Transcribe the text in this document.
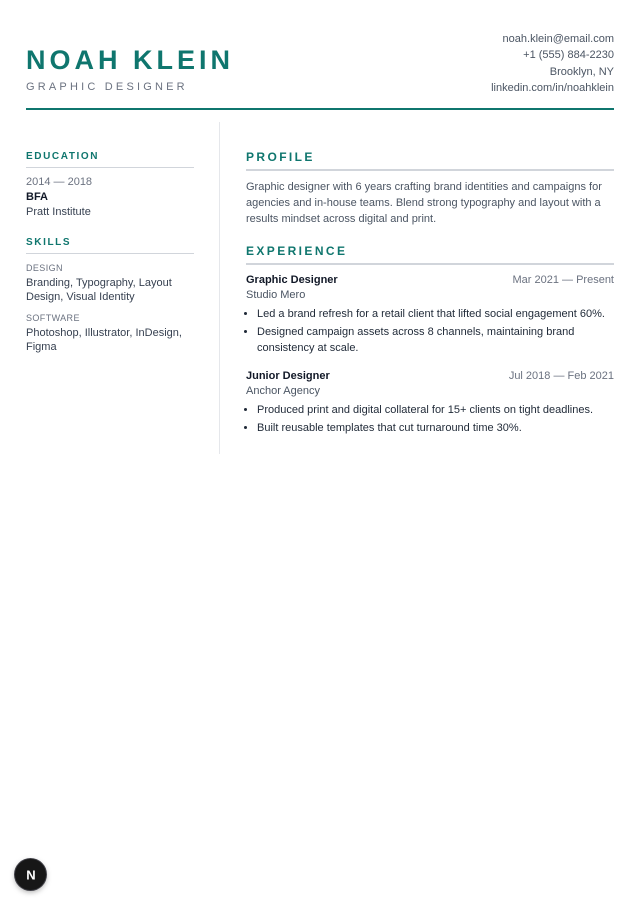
NOAH KLEIN
GRAPHIC DESIGNER
noah.klein@email.com
+1 (555) 884-2230
Brooklyn, NY
linkedin.com/in/noahklein
EDUCATION
2014 — 2018
BFA
Pratt Institute
SKILLS
DESIGN
Branding, Typography, Layout Design, Visual Identity
SOFTWARE
Photoshop, Illustrator, InDesign, Figma
PROFILE
Graphic designer with 6 years crafting brand identities and campaigns for agencies and in-house teams. Blend strong typography and layout with a results mindset across digital and print.
EXPERIENCE
Graphic Designer	Mar 2021 — Present
Studio Mero
• Led a brand refresh for a retail client that lifted social engagement 60%.
• Designed campaign assets across 8 channels, maintaining brand consistency at scale.
Junior Designer	Jul 2018 — Feb 2021
Anchor Agency
• Produced print and digital collateral for 15+ clients on tight deadlines.
• Built reusable templates that cut turnaround time 30%.
N
